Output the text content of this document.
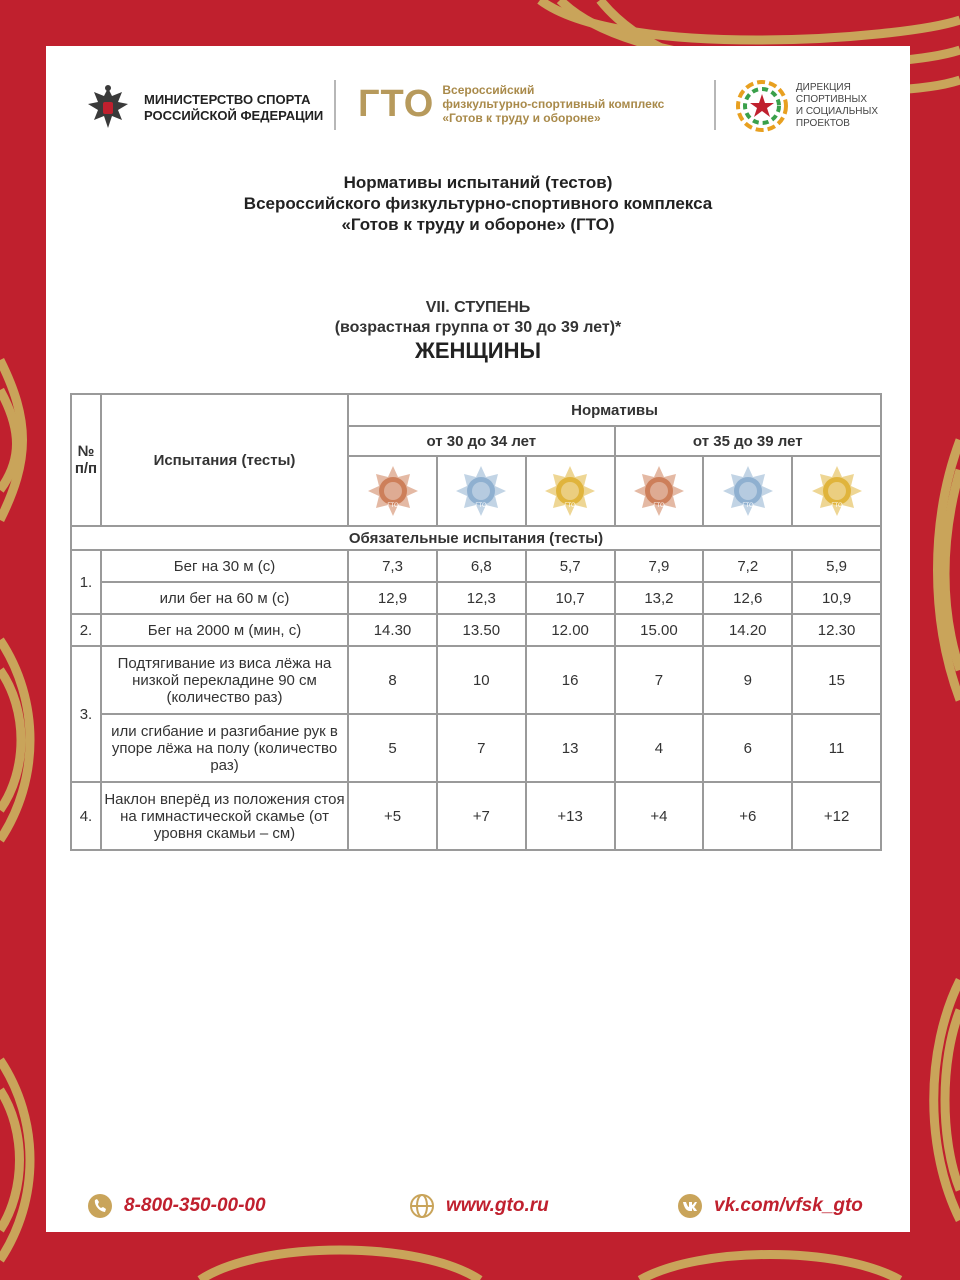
МИНИСТЕРСТВО СПОРТА
РОССИЙСКОЙ ФЕДЕРАЦИИ ГТО Всероссийский
физкультурно-спортивный комплекс
«Готов к труду и обороне»
ДИРЕКЦИЯ
СПОРТИВНЫХ
И СОЦИАЛЬНЫХ
ПРОЕКТОВ
Нормативы испытаний (тестов)
Всероссийского физкультурно-спортивного комплекса
«Готов к труду и обороне» (ГТО)
VII. СТУПЕНЬ
(возрастная группа от 30 до 39 лет)*
ЖЕНЩИНЫ
№ п/п	Испытания (тесты)	Нормативы					
		от 30 до 34 лет			от 35 до 39 лет		

ГТО	ГТО	ГТО	ГТО	ГТО	ГТО

Обязательные испытания (тесты)							
1.	Бег на 30 м (с)	7,3	6,8	5,7	7,9	7,2	5,9
	или бег на 60 м (с)	12,9	12,3	10,7	13,2	12,6	10,9
2.	Бег на 2000 м (мин, с)	14.30	13.50	12.00	15.00	14.20	12.30
3.	Подтягивание из виса лёжа на низкой перекладине 90 см (количество раз)	8	10	16	7	9	15
	или сгибание и разгибание рук в упоре лёжа на полу (количество раз)	5	7	13	4	6	11
4.	Наклон вперёд из положения стоя на гимнастической скамье (от уровня скамьи – см)	+5	+7	+13	+4	+6	+12
8-800-350-00-00	www.gto.ru	vk.com/vfsk_gto
